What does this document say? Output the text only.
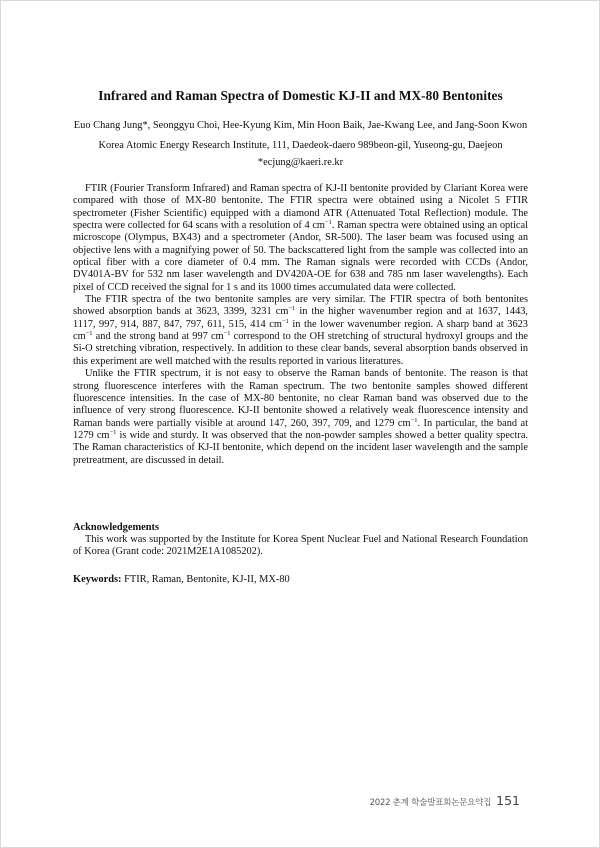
Infrared and Raman Spectra of Domestic KJ-II and MX-80 Bentonites

Euo Chang Jung*, Seonggyu Choi, Hee-Kyung Kim, Min Hoon Baik, Jae-Kwang Lee, and Jang-Soon Kwon

Korea Atomic Energy Research Institute, 111, Daedeok-daero 989beon-gil, Yuseong-gu, Daejeon

*ecjung@kaeri.re.kr

FTIR (Fourier Transform Infrared) and Raman spectra of KJ-II bentonite provided by Clariant Korea were compared with those of MX-80 bentonite. The FTIR spectra were obtained using a Nicolet 5 FTIR spectrometer (Fisher Scientific) equipped with a diamond ATR (Attenuated Total Reflection) module. The spectra were collected for 64 scans with a resolution of 4 $cm^{-1}$. Raman spectra were obtained using an optical microscope (Olympus, BX43) and a spectrometer (Andor, SR-500). The laser beam was focused using an objective lens with a magnifying power of 50. The backscattered light from the sample was collected into an optical fiber with a core diameter of 0.4 mm. The Raman signals were recorded with CCDs (Andor, DV401A-BV for 532 nm laser wavelength and DV420A-OE for 638 and 785 nm laser wavelengths). Each pixel of CCD received the signal for 1 s and its 1000 times accumulated data were collected.

The FTIR spectra of the two bentonite samples are very similar. The FTIR spectra of both bentonites showed absorption bands at 3623, 3399, 3231 $cm^{-1}$ in the higher wavenumber region and at 1637, 1443, 1117, 997, 914, 887, 847, 797, 611, 515, 414 $cm^{-1}$ in the lower wavenumber region. A sharp band at 3623 $cm^{-1}$ and the strong band at 997 $cm^{-1}$ correspond to the OH stretching of structural hydroxyl groups and the Si-O stretching vibration, respectively. In addition to these clear bands, several absorption bands observed in this experiment are well matched with the results reported in various literatures.

Unlike the FTIR spectrum, it is not easy to observe the Raman bands of bentonite. The reason is that strong fluorescence interferes with the Raman spectrum. The two bentonite samples showed different fluorescence intensities. In the case of MX-80 bentonite, no clear Raman band was observed due to the influence of very strong fluorescence. KJ-II bentonite showed a relatively weak fluorescence intensity and Raman bands were partially visible at around 147, 260, 397, 709, and 1279 $cm^{-1}$. In particular, the band at 1279 $cm^{-1}$ is wide and sturdy. It was observed that the non-powder samples showed a better quality spectra. The Raman characteristics of KJ-II bentonite, which depend on the incident laser wavelength and the sample pretreatment, are discussed in detail.

Acknowledgements

This work was supported by the Institute for Korea Spent Nuclear Fuel and National Research Foundation of Korea (Grant code: 2021M2E1A1085202).

Keywords: FTIR, Raman, Bentonite, KJ-II, MX-80

2022 춘계 학술발표회논문요약집 151
